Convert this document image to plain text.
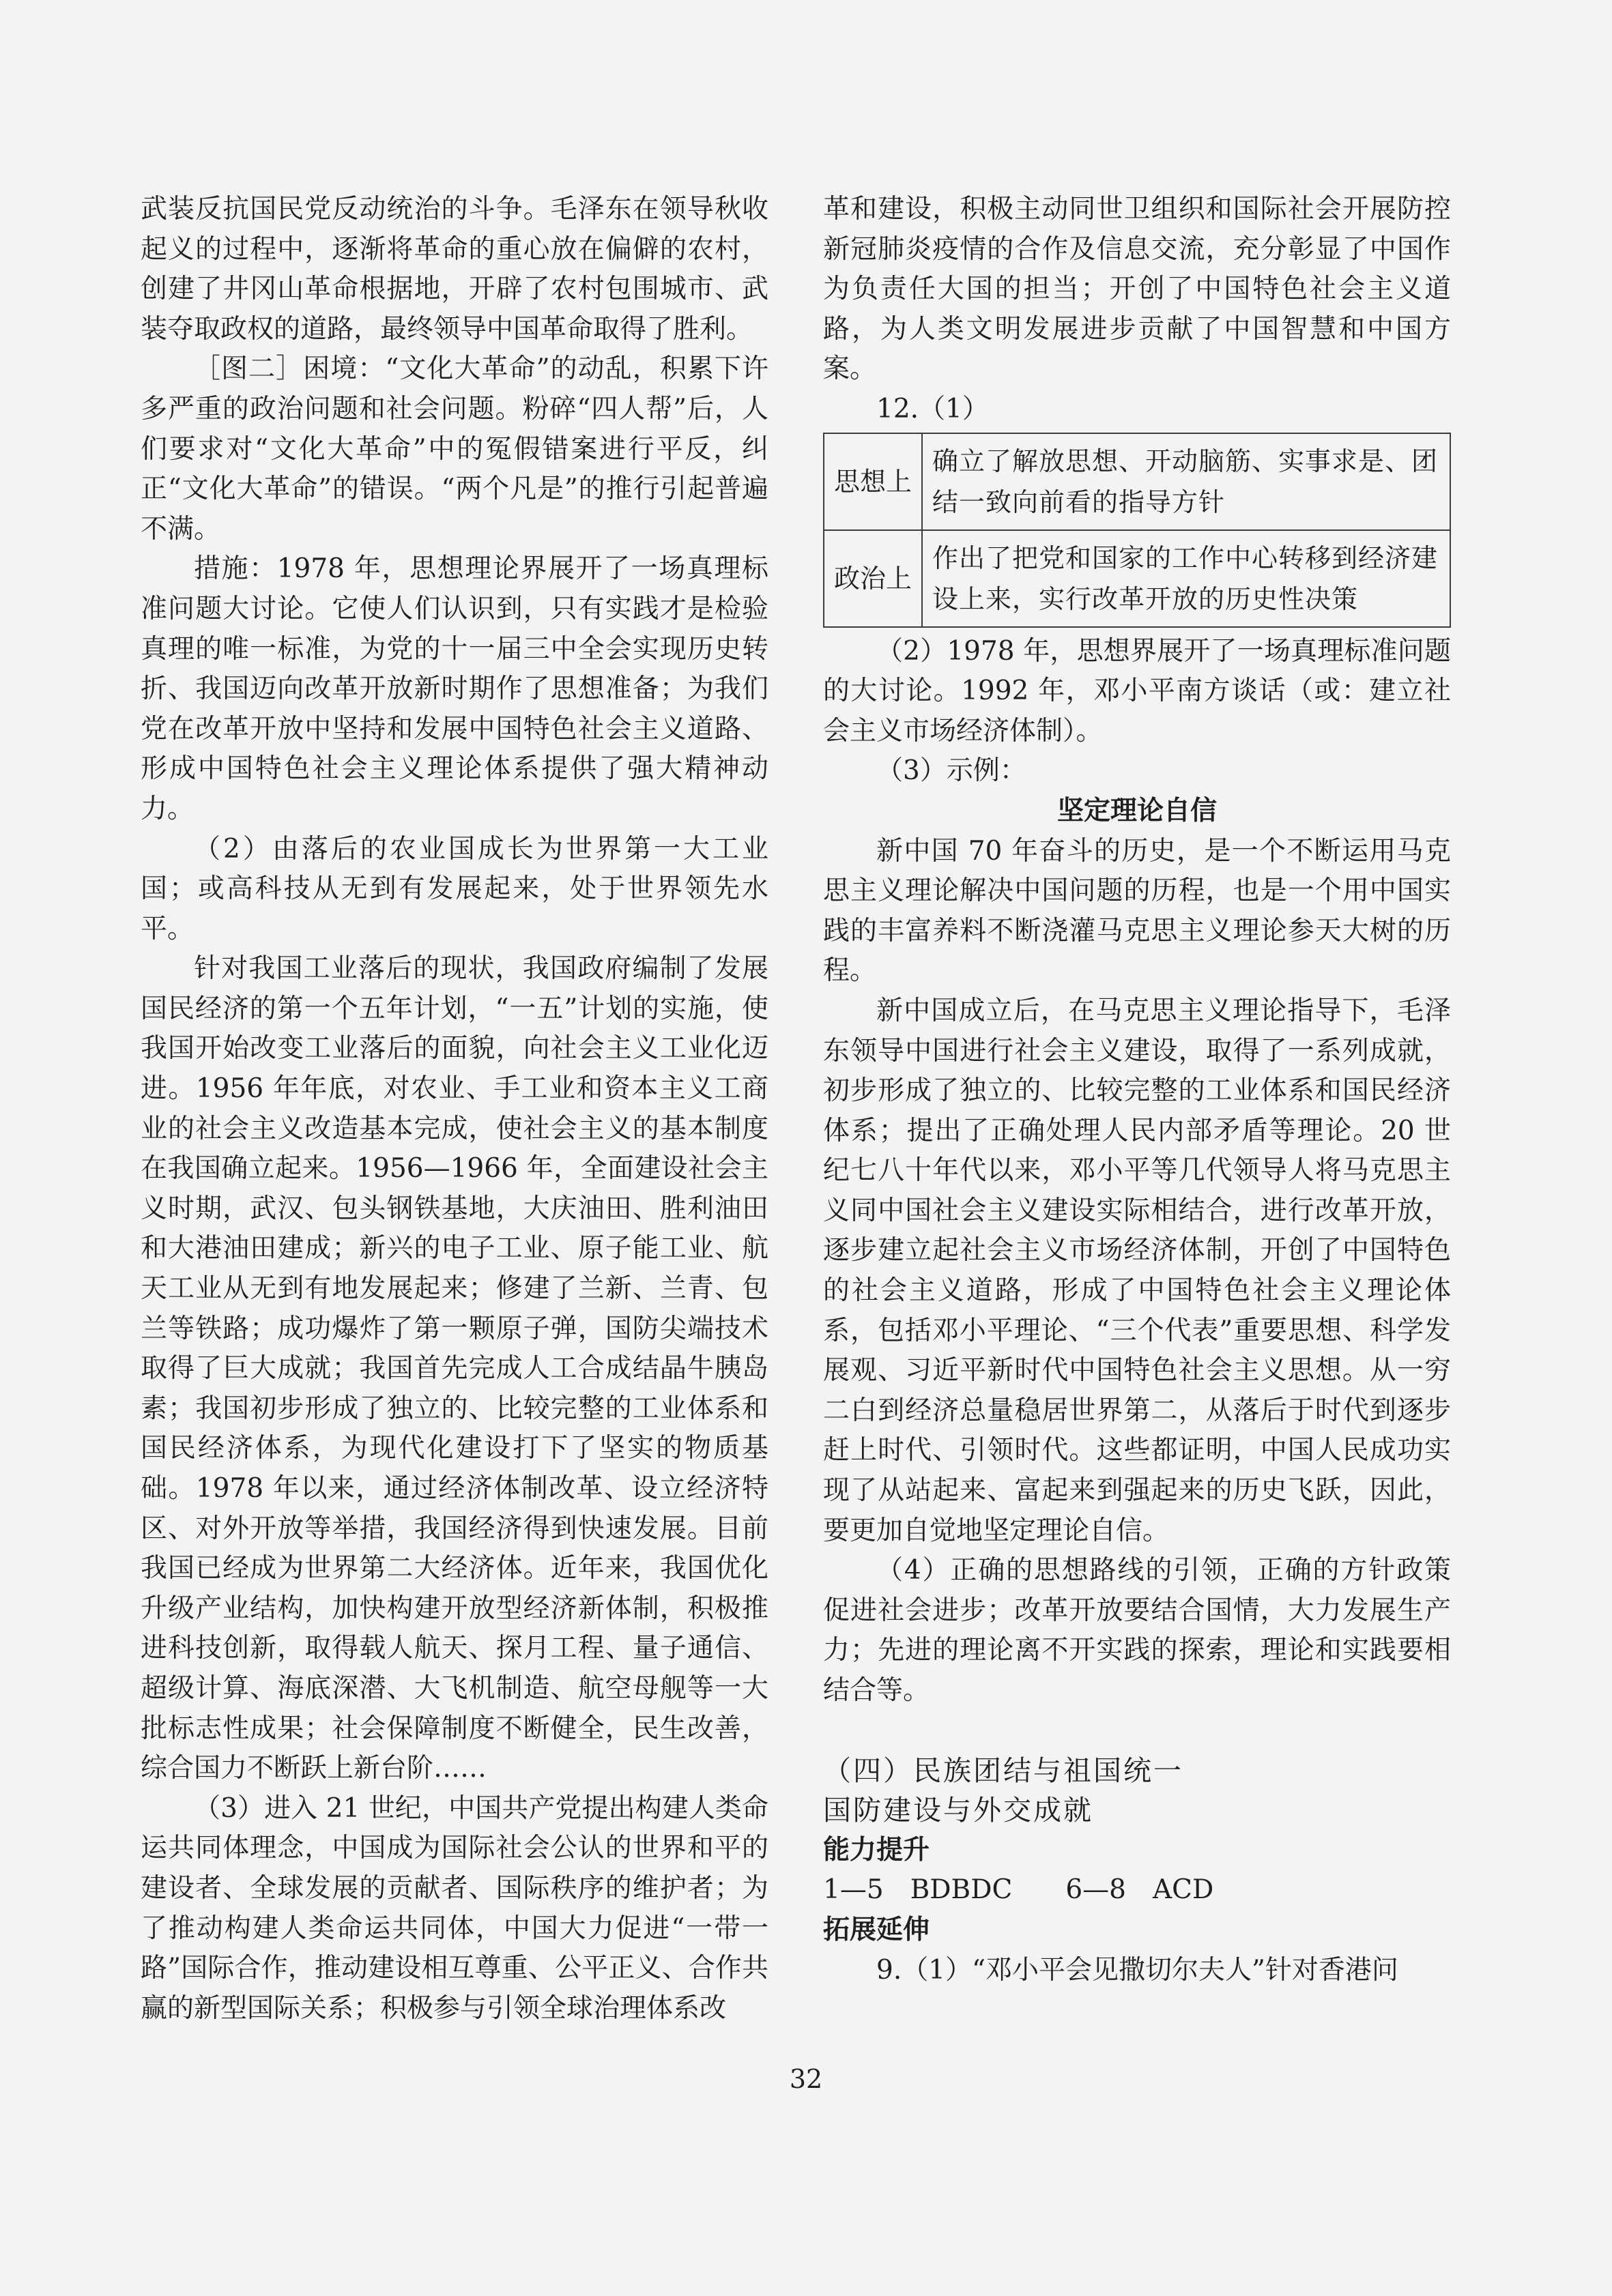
武装反抗国民党反动统治的斗争。毛泽东在领导秋收起义的过程中，逐渐将革命的重心放在偏僻的农村，创建了井冈山革命根据地，开辟了农村包围城市、武装夺取政权的道路，最终领导中国革命取得了胜利。

［图二］困境：“文化大革命”的动乱，积累下许多严重的政治问题和社会问题。粉碎“四人帮”后，人们要求对“文化大革命”中的冤假错案进行平反，纠正“文化大革命”的错误。“两个凡是”的推行引起普遍不满。

措施：1978 年，思想理论界展开了一场真理标准问题大讨论。它使人们认识到，只有实践才是检验真理的唯一标准，为党的十一届三中全会实现历史转折、我国迈向改革开放新时期作了思想准备；为我们党在改革开放中坚持和发展中国特色社会主义道路、形成中国特色社会主义理论体系提供了强大精神动力。

（2）由落后的农业国成长为世界第一大工业国；或高科技从无到有发展起来，处于世界领先水平。

针对我国工业落后的现状，我国政府编制了发展国民经济的第一个五年计划，“一五”计划的实施，使我国开始改变工业落后的面貌，向社会主义工业化迈进。1956 年年底，对农业、手工业和资本主义工商业的社会主义改造基本完成，使社会主义的基本制度在我国确立起来。1956—1966 年，全面建设社会主义时期，武汉、包头钢铁基地，大庆油田、胜利油田和大港油田建成；新兴的电子工业、原子能工业、航天工业从无到有地发展起来；修建了兰新、兰青、包兰等铁路；成功爆炸了第一颗原子弹，国防尖端技术取得了巨大成就；我国首先完成人工合成结晶牛胰岛素；我国初步形成了独立的、比较完整的工业体系和国民经济体系，为现代化建设打下了坚实的物质基础。1978 年以来，通过经济体制改革、设立经济特区、对外开放等举措，我国经济得到快速发展。目前我国已经成为世界第二大经济体。近年来，我国优化升级产业结构，加快构建开放型经济新体制，积极推进科技创新，取得载人航天、探月工程、量子通信、超级计算、海底深潜、大飞机制造、航空母舰等一大批标志性成果；社会保障制度不断健全，民生改善，综合国力不断跃上新台阶……

（3）进入 21 世纪，中国共产党提出构建人类命运共同体理念，中国成为国际社会公认的世界和平的建设者、全球发展的贡献者、国际秩序的维护者；为了推动构建人类命运共同体，中国大力促进“一带一路”国际合作，推动建设相互尊重、公平正义、合作共赢的新型国际关系；积极参与引领全球治理体系改

革和建设，积极主动同世卫组织和国际社会开展防控新冠肺炎疫情的合作及信息交流，充分彰显了中国作为负责任大国的担当；开创了中国特色社会主义道路，为人类文明发展进步贡献了中国智慧和中国方案。

12.（1）

思想上	确立了解放思想、开动脑筋、实事求是、团结一致向前看的指导方针
政治上	作出了把党和国家的工作中心转移到经济建设上来，实行改革开放的历史性决策

（2）1978 年，思想界展开了一场真理标准问题的大讨论。1992 年，邓小平南方谈话（或：建立社会主义市场经济体制）。

（3）示例：

坚定理论自信

新中国 70 年奋斗的历史，是一个不断运用马克思主义理论解决中国问题的历程，也是一个用中国实践的丰富养料不断浇灌马克思主义理论参天大树的历程。

新中国成立后，在马克思主义理论指导下，毛泽东领导中国进行社会主义建设，取得了一系列成就，初步形成了独立的、比较完整的工业体系和国民经济体系；提出了正确处理人民内部矛盾等理论。20 世纪七八十年代以来，邓小平等几代领导人将马克思主义同中国社会主义建设实际相结合，进行改革开放，逐步建立起社会主义市场经济体制，开创了中国特色的社会主义道路，形成了中国特色社会主义理论体系，包括邓小平理论、“三个代表”重要思想、科学发展观、习近平新时代中国特色社会主义思想。从一穷二白到经济总量稳居世界第二，从落后于时代到逐步赶上时代、引领时代。这些都证明，中国人民成功实现了从站起来、富起来到强起来的历史飞跃，因此，要更加自觉地坚定理论自信。

（4）正确的思想路线的引领，正确的方针政策促进社会进步；改革开放要结合国情，大力发展生产力；先进的理论离不开实践的探索，理论和实践要相结合等。

（四）民族团结与祖国统一

国防建设与外交成就

能力提升

1—5　BDBDC　　6—8　ACD

拓展延伸

9.（1）“邓小平会见撒切尔夫人”针对香港问

32
